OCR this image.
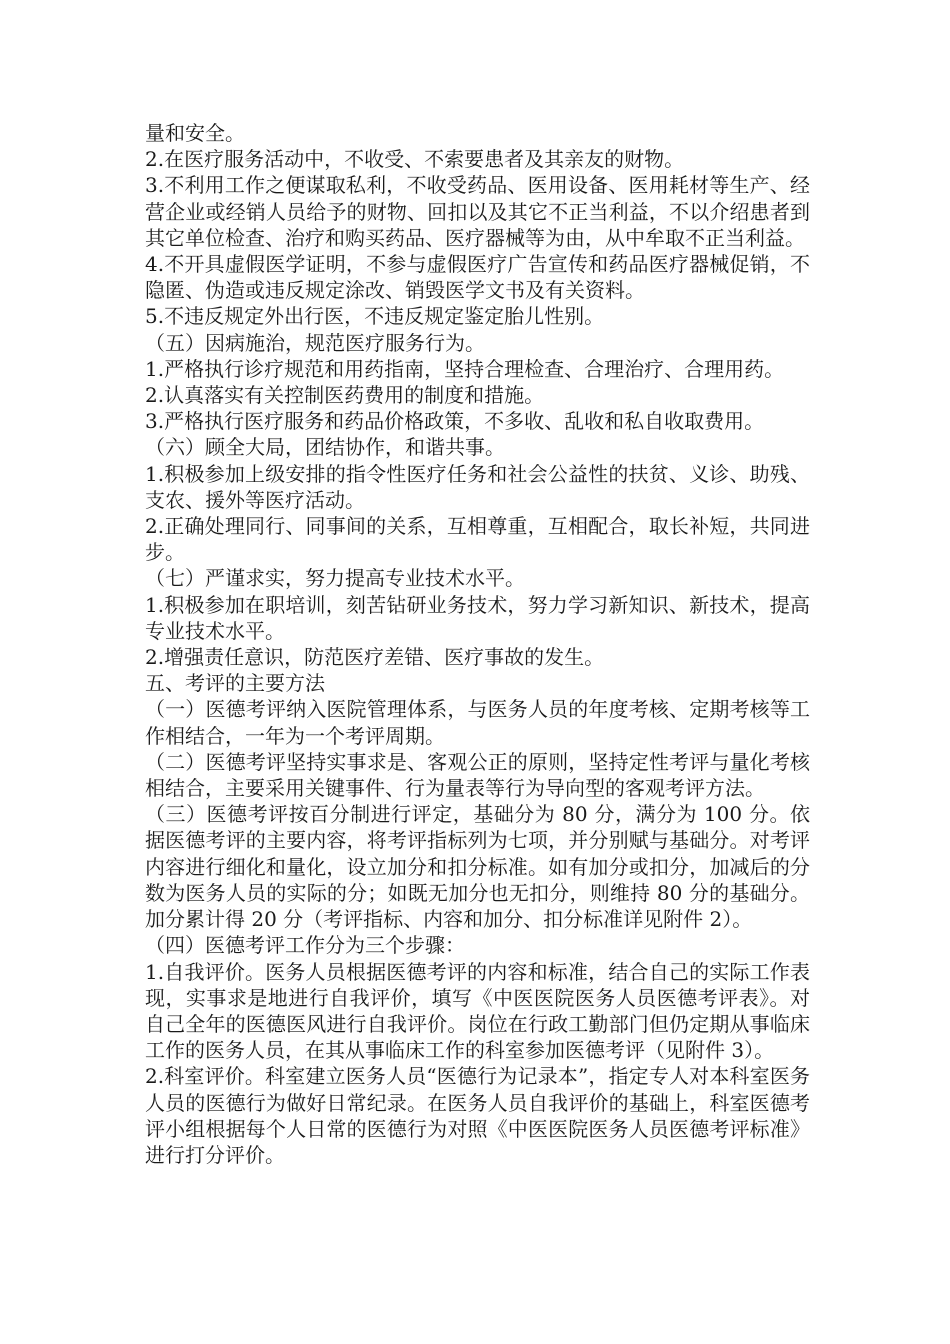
量和安全。

2.在医疗服务活动中，不收受、不索要患者及其亲友的财物。

3.不利用工作之便谋取私利，不收受药品、医用设备、医用耗材等生产、经营企业或经销人员给予的财物、回扣以及其它不正当利益，不以介绍患者到其它单位检查、治疗和购买药品、医疗器械等为由，从中牟取不正当利益。

4.不开具虚假医学证明，不参与虚假医疗广告宣传和药品医疗器械促销，不隐匿、伪造或违反规定涂改、销毁医学文书及有关资料。

5.不违反规定外出行医，不违反规定鉴定胎儿性别。

（五）因病施治，规范医疗服务行为。

1.严格执行诊疗规范和用药指南，坚持合理检查、合理治疗、合理用药。

2.认真落实有关控制医药费用的制度和措施。

3.严格执行医疗服务和药品价格政策，不多收、乱收和私自收取费用。

（六）顾全大局，团结协作，和谐共事。

1.积极参加上级安排的指令性医疗任务和社会公益性的扶贫、义诊、助残、支农、援外等医疗活动。

2.正确处理同行、同事间的关系，互相尊重，互相配合，取长补短，共同进步。

（七）严谨求实，努力提高专业技术水平。

1.积极参加在职培训，刻苦钻研业务技术，努力学习新知识、新技术，提高专业技术水平。

2.增强责任意识，防范医疗差错、医疗事故的发生。

五、考评的主要方法

（一）医德考评纳入医院管理体系，与医务人员的年度考核、定期考核等工作相结合，一年为一个考评周期。

（二）医德考评坚持实事求是、客观公正的原则，坚持定性考评与量化考核相结合，主要采用关键事件、行为量表等行为导向型的客观考评方法。

（三）医德考评按百分制进行评定，基础分为 80 分，满分为 100 分。依据医德考评的主要内容，将考评指标列为七项，并分别赋与基础分。对考评内容进行细化和量化，设立加分和扣分标准。如有加分或扣分，加减后的分数为医务人员的实际的分；如既无加分也无扣分，则维持 80 分的基础分。加分累计得 20 分（考评指标、内容和加分、扣分标准详见附件 2）。

（四）医德考评工作分为三个步骤：

1.自我评价。医务人员根据医德考评的内容和标准，结合自己的实际工作表现，实事求是地进行自我评价，填写《中医医院医务人员医德考评表》。对自己全年的医德医风进行自我评价。岗位在行政工勤部门但仍定期从事临床工作的医务人员，在其从事临床工作的科室参加医德考评（见附件 3）。

2.科室评价。科室建立医务人员“医德行为记录本”，指定专人对本科室医务人员的医德行为做好日常纪录。在医务人员自我评价的基础上，科室医德考评小组根据每个人日常的医德行为对照《中医医院医务人员医德考评标准》进行打分评价。
